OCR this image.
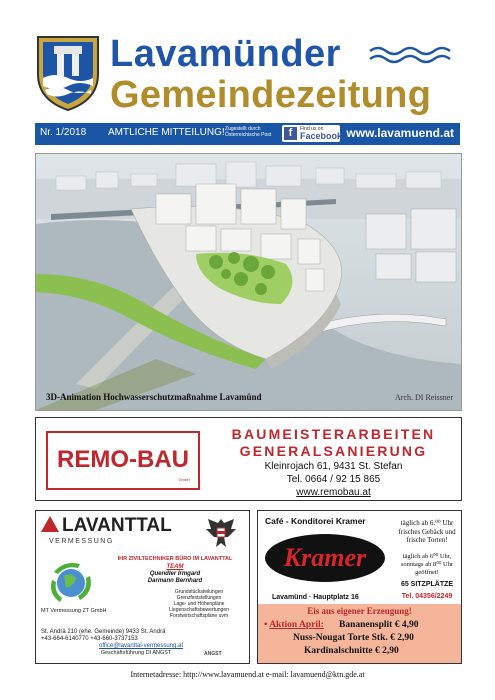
Lavamünder
Gemeindezeitung
Nr. 1/2018 AMTLICHE MITTEILUNG! Zugestellt durch Österreichische Post	f	Find us on
Facebook www.lavamuend.at
3D-Animation Hochwasserschutzmaßnahme Lavamünd	Arch. DI Reissner
REMO-BAU
GmbH
BAUMEISTERARBEITEN
GENERALSANIERUNG
Kleinrojach 61, 9431 St. Stefan
Tel. 0664 / 92 15 865
www.remobau.at
LAVANTTAL
VERMESSUNG
IHR ZIVILTECHNIKER BÜRO IM LAVANTTAL
TEAM
Quendler Irmgard
Darmann Bernhard
MT Vermessung ZT GmbH
Grundstücksteilungen
Grenzfeststellungen
Lage- und Höhenpläne
Liegenschaftsbewertungen
Forstwirtschaftspläne uvm
St. Andrä 210 (ehe. Gemeinde) 9433 St. Andrä
+43-664-6140770 +43-660-3737153
office@lavanttal-vermessung.at
Geschäftsführung DI ANGST	ANGST
Café - Konditorei Kramer
Kramer
Lavamünd · Hauptplatz 16
täglich ab 6.⁰⁰ Uhr frisches Gebäck und frische Torten!
täglich ab 6⁰⁰ Uhr, sonntags ab 8⁰⁰ Uhr geöffnet!
65 SITZPLÄTZE
Tel. 04356/2249
Eis aus eigener Erzeugung!
• Aktion April: Bananensplit € 4,90
Nuss-Nougat Torte Stk. € 2,90
Kardinalschnitte € 2,90
Internetadresse: http://www.lavamuend.at e-mail: lavamuend@ktn.gde.at
